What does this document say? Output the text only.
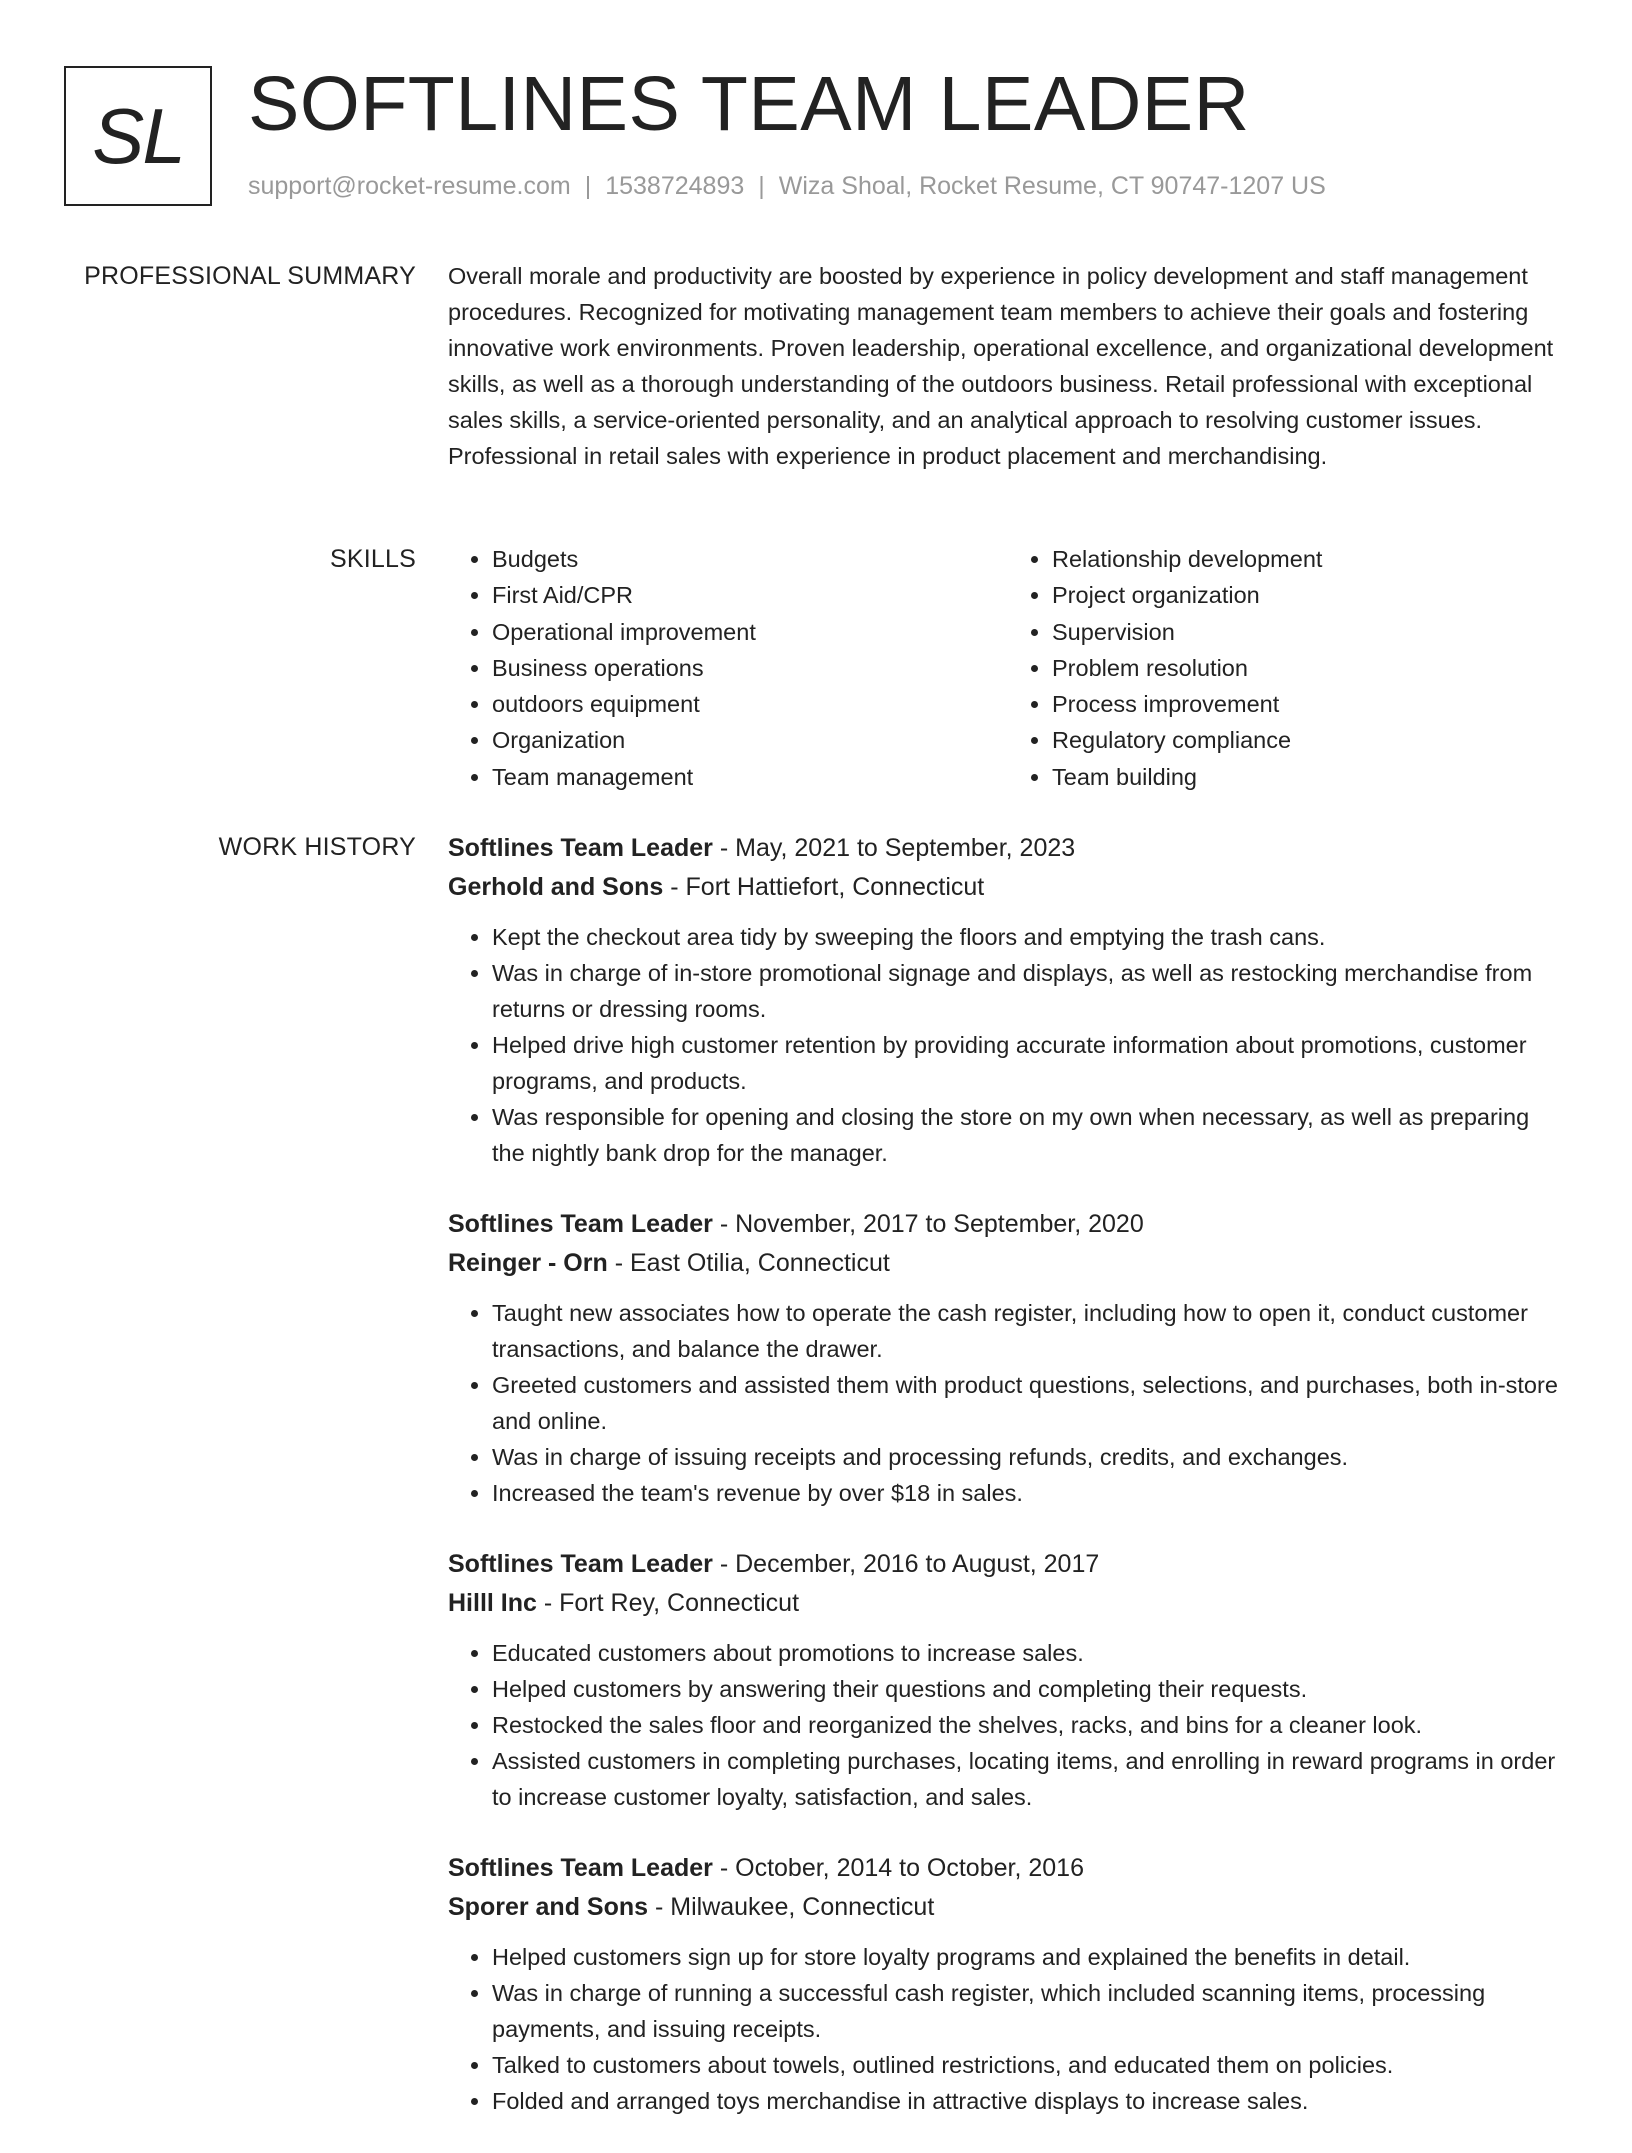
SL SOFTLINES TEAM LEADER
support@rocket-resume.com | 1538724893 | Wiza Shoal, Rocket Resume, CT 90747-1207 US
PROFESSIONAL SUMMARY Overall morale and productivity are boosted by experience in policy development and staff management procedures. Recognized for motivating management team members to achieve their goals and fostering innovative work environments. Proven leadership, operational excellence, and organizational development skills, as well as a thorough understanding of the outdoors business. Retail professional with exceptional sales skills, a service-oriented personality, and an analytical approach to resolving customer issues. Professional in retail sales with experience in product placement and merchandising.

SKILLS
•	Budgets
• First Aid/CPR
• Operational improvement
• Business operations
• outdoors equipment
• Organization
• Team management
• Relationship development
• Project organization
• Supervision
• Problem resolution
• Process improvement
• Regulatory compliance
• Team building
WORK HISTORY Softlines Team Leader - May, 2021 to September, 2023
Gerhold and Sons - Fort Hattiefort, Connecticut
• Kept the checkout area tidy by sweeping the floors and emptying the trash cans.
• Was in charge of in-store promotional signage and displays, as well as restocking merchandise from returns or dressing rooms.
• Helped drive high customer retention by providing accurate information about promotions, customer programs, and products.
• Was responsible for opening and closing the store on my own when necessary, as well as preparing the nightly bank drop for the manager.
Softlines Team Leader - November, 2017 to September, 2020
Reinger - Orn - East Otilia, Connecticut
• Taught new associates how to operate the cash register, including how to open it, conduct customer transactions, and balance the drawer.
• Greeted customers and assisted them with product questions, selections, and purchases, both in-store and online.
• Was in charge of issuing receipts and processing refunds, credits, and exchanges.
• Increased the team's revenue by over $18 in sales.
Softlines Team Leader - December, 2016 to August, 2017
Hilll Inc - Fort Rey, Connecticut
• Educated customers about promotions to increase sales.
• Helped customers by answering their questions and completing their requests.
• Restocked the sales floor and reorganized the shelves, racks, and bins for a cleaner look.
• Assisted customers in completing purchases, locating items, and enrolling in reward programs in order to increase customer loyalty, satisfaction, and sales.
Softlines Team Leader - October, 2014 to October, 2016
Sporer and Sons - Milwaukee, Connecticut
• Helped customers sign up for store loyalty programs and explained the benefits in detail.
• Was in charge of running a successful cash register, which included scanning items, processing payments, and issuing receipts.
• Talked to customers about towels, outlined restrictions, and educated them on policies.
• Folded and arranged toys merchandise in attractive displays to increase sales.
